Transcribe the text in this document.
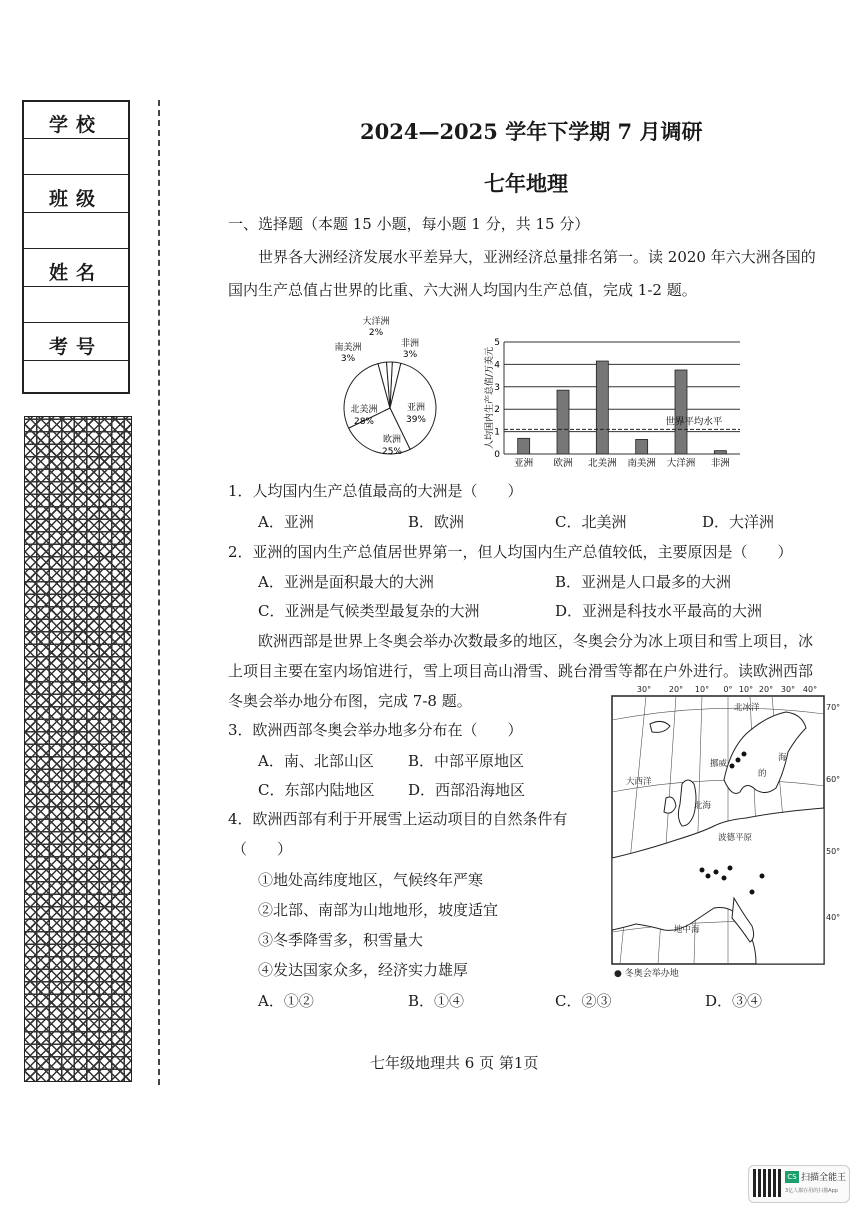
学校
班级
姓名
考号
2024—2025 学年下学期 7 月调研
七年地理
一、选择题（本题 15 小题，每小题 1 分，共 15 分）
世界各大洲经济发展水平差异大，亚洲经济总量排名第一。读 2020 年六大洲各国的
国内生产总值占世界的比重、六大洲人均国内生产总值，完成 1-2 题。
大洋洲
2%
南美洲
3%
非洲
3%
亚洲
39%
北美洲
28%
欧洲
25%	0
1
2
3
4
5
亚洲 欧洲 北美洲 南美洲 大洋洲 非洲
世界平均水平
人均国内生产总值/万美元
1．人均国内生产总值最高的大洲是（　　）
A．亚洲	B．欧洲	C．北美洲	D．大洋洲
2．亚洲的国内生产总值居世界第一，但人均国内生产总值较低，主要原因是（　　）
A．亚洲是面积最大的大洲	B．亚洲是人口最多的大洲
C．亚洲是气候类型最复杂的大洲	D．亚洲是科技水平最高的大洲
欧洲西部是世界上冬奥会举办次数最多的地区，冬奥会分为冰上项目和雪上项目，冰
上项目主要在室内场馆进行，雪上项目高山滑雪、跳台滑雪等都在户外进行。读欧洲西部
冬奥会举办地分布图，完成 7-8 题。
3．欧洲西部冬奥会举办地多分布在（　　）
A．南、北部山区 B．中部平原地区
C．东部内陆地区 D．西部沿海地区
4．欧洲西部有利于开展雪上运动项目的自然条件有
（　　）
①地处高纬度地区，气候终年严寒
②北部、南部为山地地形，坡度适宜
③冬季降雪多，积雪量大
④发达国家众多，经济实力雄厚
A．①②	B．①④	C．②③	D．③④
30° 20° 10° 0° 10° 20° 30° 40°
70°
60°
50°
40°
北冰洋
大西洋
挪威
北海
波德平原
地中海
海
的
● 冬奥会举办地
七年级地理共 6 页 第1页
CS 扫描全能王
3亿人都在用的扫描App
